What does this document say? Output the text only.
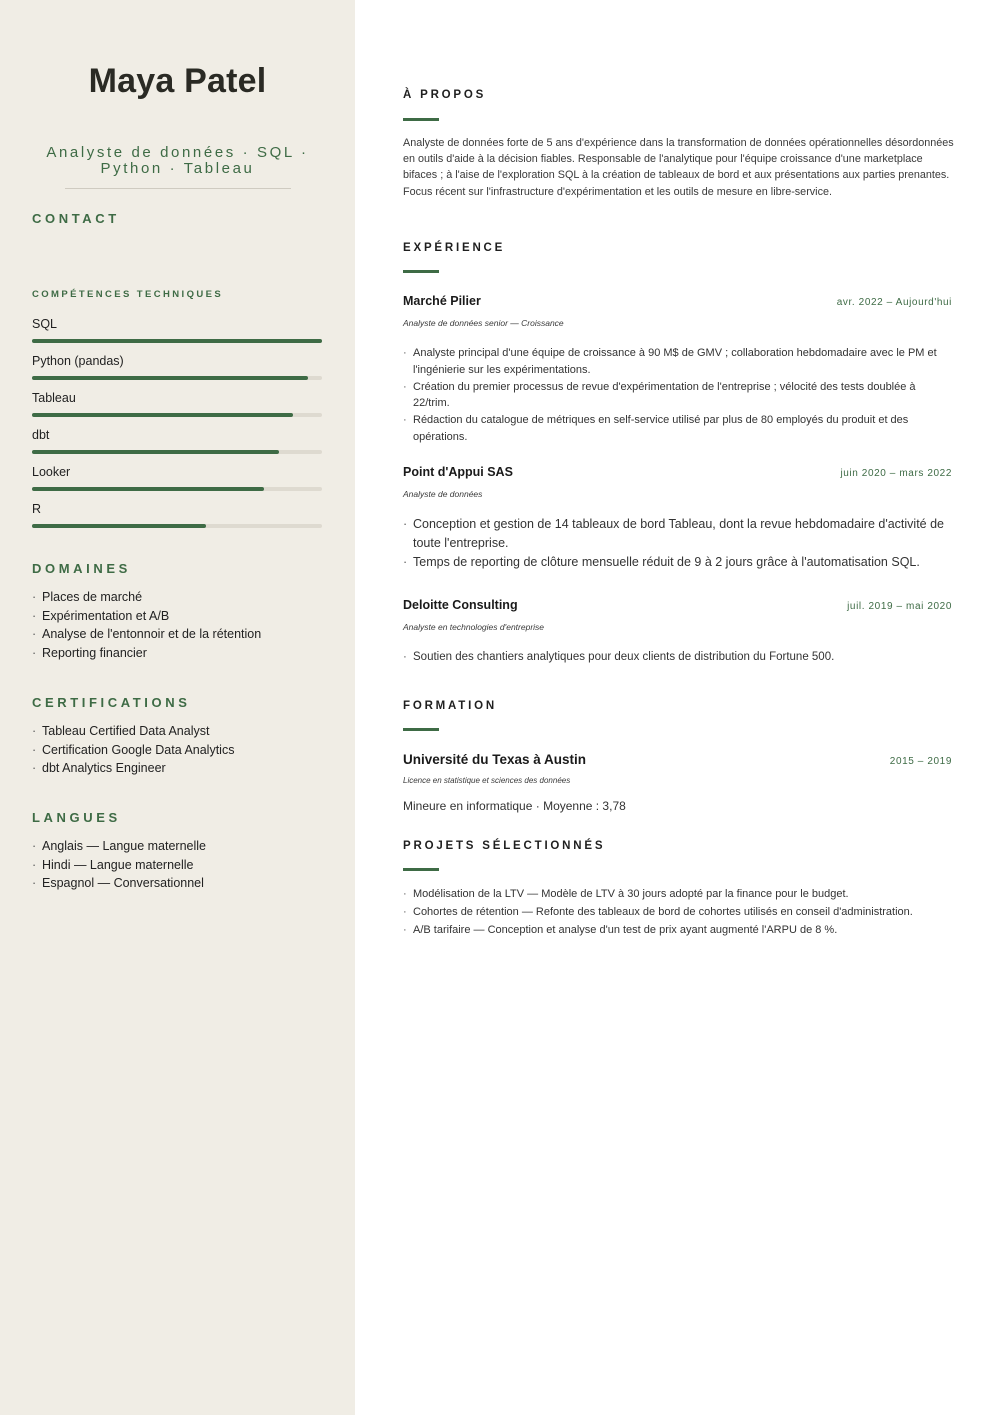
Maya Patel
Analyste de données · SQL ·
Python · Tableau
CONTACT
COMPÉTENCES TECHNIQUES
SQL
Python (pandas)
Tableau
dbt
Looker
R
DOMAINES
· Places de marché
· Expérimentation et A/B
· Analyse de l'entonnoir et de la rétention
· Reporting financier
CERTIFICATIONS
· Tableau Certified Data Analyst
· Certification Google Data Analytics
· dbt Analytics Engineer
LANGUES
· Anglais — Langue maternelle
· Hindi — Langue maternelle
· Espagnol — Conversationnel
À PROPOS

Analyste de données forte de 5 ans d'expérience dans la transformation de données opérationnelles désordonnées en outils d'aide à la décision fiables. Responsable de l'analytique pour l'équipe croissance d'une marketplace bifaces ; à l'aise de l'exploration SQL à la création de tableaux de bord et aux présentations aux parties prenantes. Focus récent sur l'infrastructure d'expérimentation et les outils de mesure en libre-service.

EXPÉRIENCE
Marché Pilier	avr. 2022 – Aujourd'hui
Analyste de données senior — Croissance
· Analyste principal d'une équipe de croissance à 90 M$ de GMV ; collaboration hebdomadaire avec le PM et l'ingénierie sur les expérimentations.
· Création du premier processus de revue d'expérimentation de l'entreprise ; vélocité des tests doublée à 22/trim.
· Rédaction du catalogue de métriques en self-service utilisé par plus de 80 employés du produit et des opérations.
Point d'Appui SAS	juin 2020 – mars 2022
Analyste de données
· Conception et gestion de 14 tableaux de bord Tableau, dont la revue hebdomadaire d'activité de toute l'entreprise.
· Temps de reporting de clôture mensuelle réduit de 9 à 2 jours grâce à l'automatisation SQL.
Deloitte Consulting	juil. 2019 – mai 2020
Analyste en technologies d'entreprise
· Soutien des chantiers analytiques pour deux clients de distribution du Fortune 500.
FORMATION
Université du Texas à Austin	2015 – 2019
Licence en statistique et sciences des données
Mineure en informatique · Moyenne : 3,78
PROJETS SÉLECTIONNÉS
· Modélisation de la LTV — Modèle de LTV à 30 jours adopté par la finance pour le budget.
· Cohortes de rétention — Refonte des tableaux de bord de cohortes utilisés en conseil d'administration.
· A/B tarifaire — Conception et analyse d'un test de prix ayant augmenté l'ARPU de 8 %.
